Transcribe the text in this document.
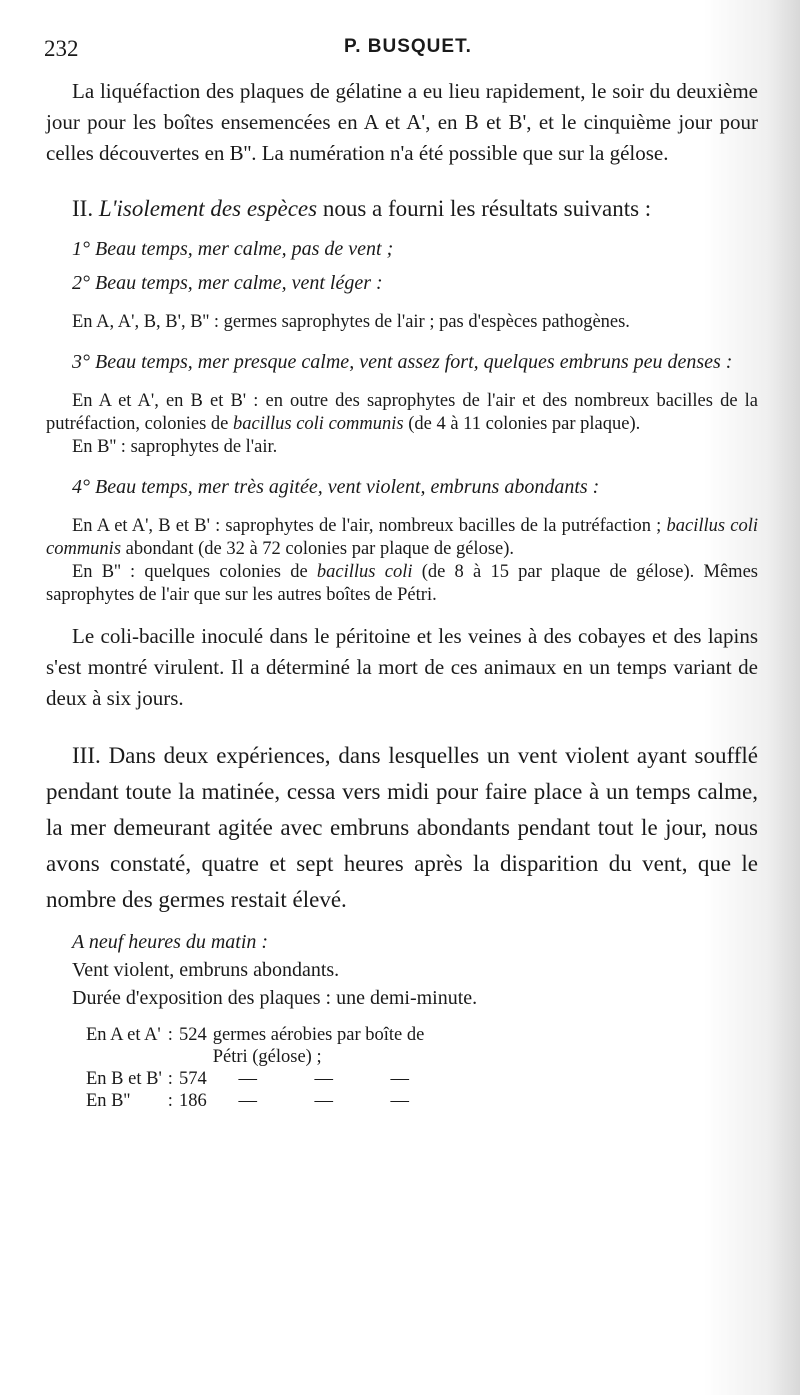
232	P. BUSQUET.

La liquéfaction des plaques de gélatine a eu lieu rapidement, le soir du deuxième jour pour les boîtes ensemencées en A et A', en B et B', et le cinquième jour pour celles découvertes en B''. La numération n'a été possible que sur la gélose.

II. L'isolement des espèces nous a fourni les résultats suivants :

1° Beau temps, mer calme, pas de vent ;

2° Beau temps, mer calme, vent léger :

En A, A', B, B', B'' : germes saprophytes de l'air ; pas d'espèces pathogènes.

3° Beau temps, mer presque calme, vent assez fort, quelques embruns peu denses :

En A et A', en B et B' : en outre des saprophytes de l'air et des nombreux bacilles de la putréfaction, colonies de bacillus coli communis (de 4 à 11 colonies par plaque).

En B'' : saprophytes de l'air.

4° Beau temps, mer très agitée, vent violent, embruns abondants :

En A et A', B et B' : saprophytes de l'air, nombreux bacilles de la putréfaction ; bacillus coli communis abondant (de 32 à 72 colonies par plaque de gélose).

En B'' : quelques colonies de bacillus coli (de 8 à 15 par plaque de gélose). Mêmes saprophytes de l'air que sur les autres boîtes de Pétri.

Le coli-bacille inoculé dans le péritoine et les veines à des cobayes et des lapins s'est montré virulent. Il a déterminé la mort de ces animaux en un temps variant de deux à six jours.

III. Dans deux expériences, dans lesquelles un vent violent ayant soufflé pendant toute la matinée, cessa vers midi pour faire place à un temps calme, la mer demeurant agitée avec embruns abondants pendant tout le jour, nous avons constaté, quatre et sept heures après la disparition du vent, que le nombre des germes restait élevé.

A neuf heures du matin :

Vent violent, embruns abondants.

Durée d'exposition des plaques : une demi-minute.

En A et A'	:	524	germes aérobies par boîte de Pétri (gélose) ;		
En B et B'	:	574	—	—	—
En B''	:	186	—	—	—
